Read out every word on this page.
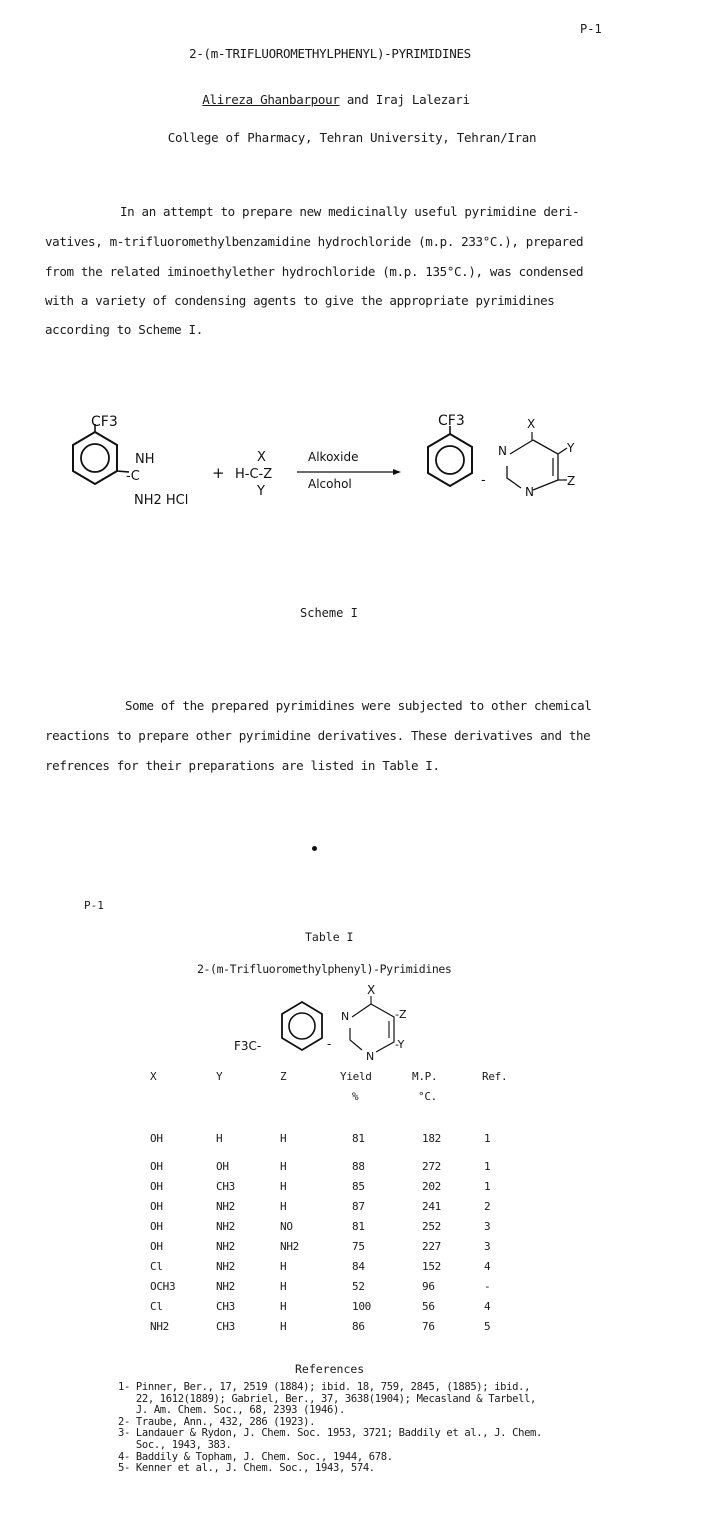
P-1
2-(m-TRIFLUOROMETHYLPHENYL)-PYRIMIDINES
Alireza Ghanbarpour and Iraj Lalezari
College of Pharmacy, Tehran University, Tehran/Iran
In an attempt to prepare new medicinally useful pyrimidine deri-
vatives, m-trifluoromethylbenzamidine hydrochloride (m.p. 233°C.), prepared
from the related iminoethylether hydrochloride (m.p. 135°C.), was condensed
with a variety of condensing agents to give the appropriate pyrimidines
according to Scheme I.
CF3
NH
-C
NH2 HCl
+
X
H-C-Z
Y
Alkoxide
Alcohol
CF3
-
X
N
N
Y
Z
Scheme I
Some of the prepared pyrimidines were subjected to other chemical
reactions to prepare other pyrimidine derivatives. These derivatives and the
refrences for their preparations are listed in Table I.
P-1
Table I
2-(m-Trifluoromethylphenyl)-Pyrimidines
F3C-	-
X
N
N
-Z
-Y
X	Y	Z	Yield	M.P.	Ref.
			%	°C.	
OH	H	H	81	182	1
OH	OH	H	88	272	1
OH	CH3	H	85	202	1
OH	NH2	H	87	241	2
OH	NH2	NO	81	252	3
OH	NH2	NH2	75	227	3
Cl	NH2	H	84	152	4
OCH3	NH2	H	52	96	-
Cl	CH3	H	100	56	4
NH2	CH3	H	86	76	5
References
1- Pinner, Ber., 17, 2519 (1884); ibid. 18, 759, 2845, (1885); ibid.,
22, 1612(1889); Gabriel, Ber., 37, 3638(1904); Mecasland & Tarbell,
J. Am. Chem. Soc., 68, 2393 (1946).
2- Traube, Ann., 432, 286 (1923).
3- Landauer & Rydon, J. Chem. Soc. 1953, 3721; Baddily et al., J. Chem.
Soc., 1943, 383.
4- Baddily & Topham, J. Chem. Soc., 1944, 678.
5- Kenner et al., J. Chem. Soc., 1943, 574.
